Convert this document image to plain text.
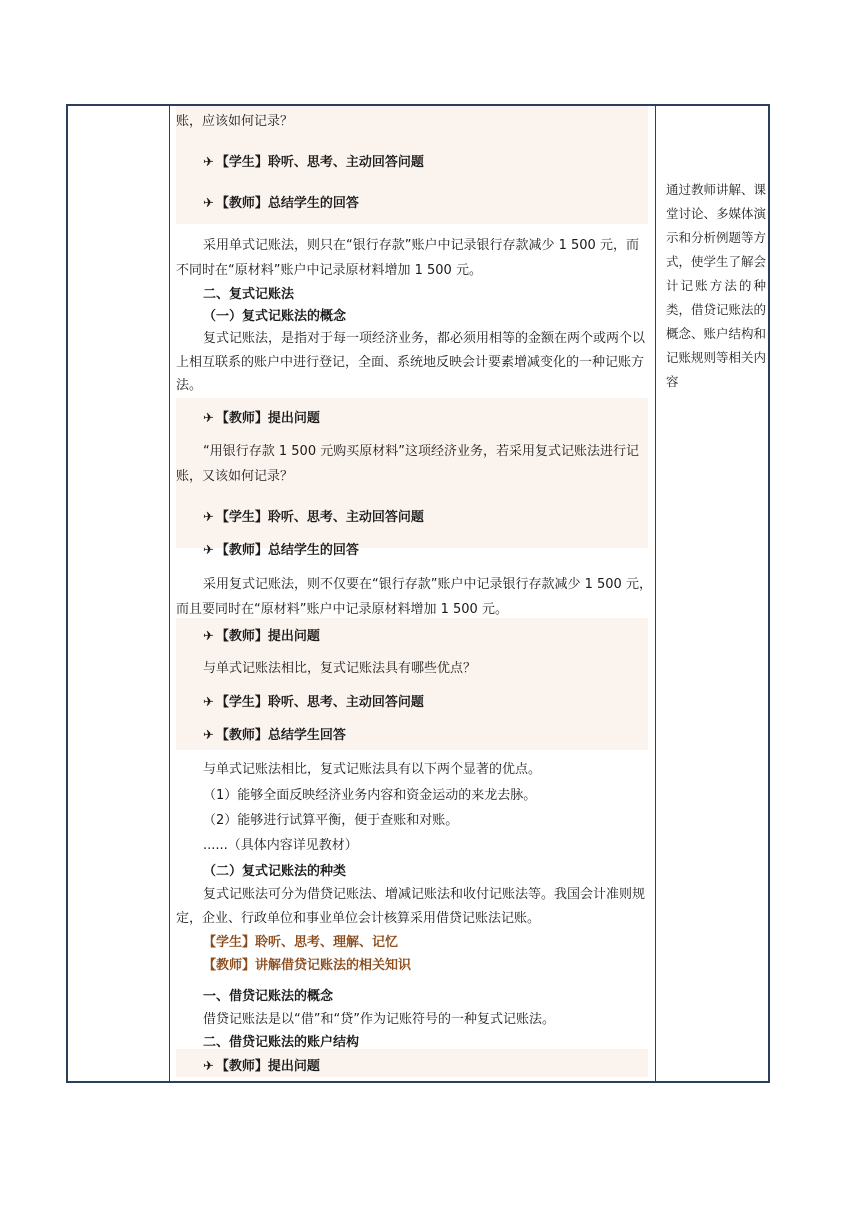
账，应该如何记录？
✈ 【学生】聆听、思考、主动回答问题
✈ 【教师】总结学生的回答
采用单式记账法，则只在“银行存款”账户中记录银行存款减少 1 500 元，而
不同时在“原材料”账户中记录原材料增加 1 500 元。
二、复式记账法
（一）复式记账法的概念
复式记账法，是指对于每一项经济业务，都必须用相等的金额在两个或两个以
上相互联系的账户中进行登记，全面、系统地反映会计要素增减变化的一种记账方
法。
✈ 【教师】提出问题
“用银行存款 1 500 元购买原材料”这项经济业务，若采用复式记账法进行记
账，又该如何记录？
✈ 【学生】聆听、思考、主动回答问题
✈ 【教师】总结学生的回答
采用复式记账法，则不仅要在“银行存款”账户中记录银行存款减少 1 500 元，
而且要同时在“原材料”账户中记录原材料增加 1 500 元。
✈ 【教师】提出问题
与单式记账法相比，复式记账法具有哪些优点？
✈ 【学生】聆听、思考、主动回答问题
✈ 【教师】总结学生回答
与单式记账法相比，复式记账法具有以下两个显著的优点。
（1）能够全面反映经济业务内容和资金运动的来龙去脉。
（2）能够进行试算平衡，便于查账和对账。
......（具体内容详见教材）
（二）复式记账法的种类
复式记账法可分为借贷记账法、增减记账法和收付记账法等。我国会计准则规
定，企业、行政单位和事业单位会计核算采用借贷记账法记账。
【学生】聆听、思考、理解、记忆
【教师】讲解借贷记账法的相关知识
一、借贷记账法的概念
借贷记账法是以“借”和“贷”作为记账符号的一种复式记账法。
二、借贷记账法的账户结构
✈ 【教师】提出问题
通过教师讲解、课堂讨论、多媒体演示和分析例题等方式，使学生了解会计记账方法的种类，借贷记账法的概念、账户结构和记账规则等相关内容
